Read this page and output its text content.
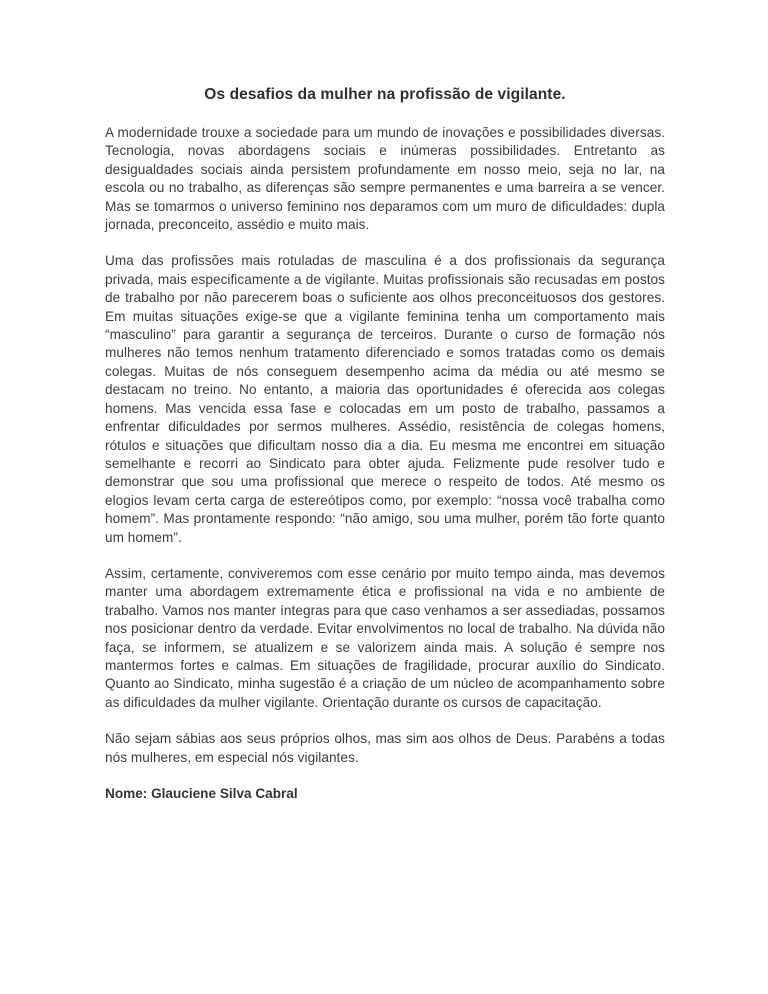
Os desafios da mulher na profissão de vigilante.

A modernidade trouxe a sociedade para um mundo de inovações e possibilidades diversas. Tecnologia, novas abordagens sociais e inúmeras possibilidades. Entretanto as desigualdades sociais ainda persistem profundamente em nosso meio, seja no lar, na escola ou no trabalho, as diferenças são sempre permanentes e uma barreira a se vencer. Mas se tomarmos o universo feminino nos deparamos com um muro de dificuldades: dupla jornada, preconceito, assédio e muito mais.

Uma das profissões mais rotuladas de masculina é a dos profissionais da segurança privada, mais especificamente a de vigilante. Muitas profissionais são recusadas em postos de trabalho por não parecerem boas o suficiente aos olhos preconceituosos dos gestores. Em muitas situações exige-se que a vigilante feminina tenha um comportamento mais “masculino” para garantir a segurança de terceiros. Durante o curso de formação nós mulheres não temos nenhum tratamento diferenciado e somos tratadas como os demais colegas. Muitas de nós conseguem desempenho acima da média ou até mesmo se destacam no treino. No entanto, a maioria das oportunidades é oferecida aos colegas homens. Mas vencida essa fase e colocadas em um posto de trabalho, passamos a enfrentar dificuldades por sermos mulheres. Assédio, resistência de colegas homens, rótulos e situações que dificultam nosso dia a dia. Eu mesma me encontrei em situação semelhante e recorri ao Sindicato para obter ajuda. Felizmente pude resolver tudo e demonstrar que sou uma profissional que merece o respeito de todos. Até mesmo os elogios levam certa carga de estereótipos como, por exemplo: “nossa você trabalha como homem”. Mas prontamente respondo: “não amigo, sou uma mulher, porém tão forte quanto um homem”.

Assim, certamente, conviveremos com esse cenário por muito tempo ainda, mas devemos manter uma abordagem extremamente ética e profissional na vida e no ambiente de trabalho. Vamos nos manter íntegras para que caso venhamos a ser assediadas, possamos nos posicionar dentro da verdade. Evitar envolvimentos no local de trabalho. Na dúvida não faça, se informem, se atualizem e se valorizem ainda mais. A solução é sempre nos mantermos fortes e calmas. Em situações de fragilidade, procurar auxílio do Sindicato. Quanto ao Sindicato, minha sugestão é a criação de um núcleo de acompanhamento sobre as dificuldades da mulher vigilante. Orientação durante os cursos de capacitação.

Não sejam sábias aos seus próprios olhos, mas sim aos olhos de Deus. Parabéns a todas nós mulheres, em especial nós vigilantes.

Nome: Glauciene Silva Cabral
